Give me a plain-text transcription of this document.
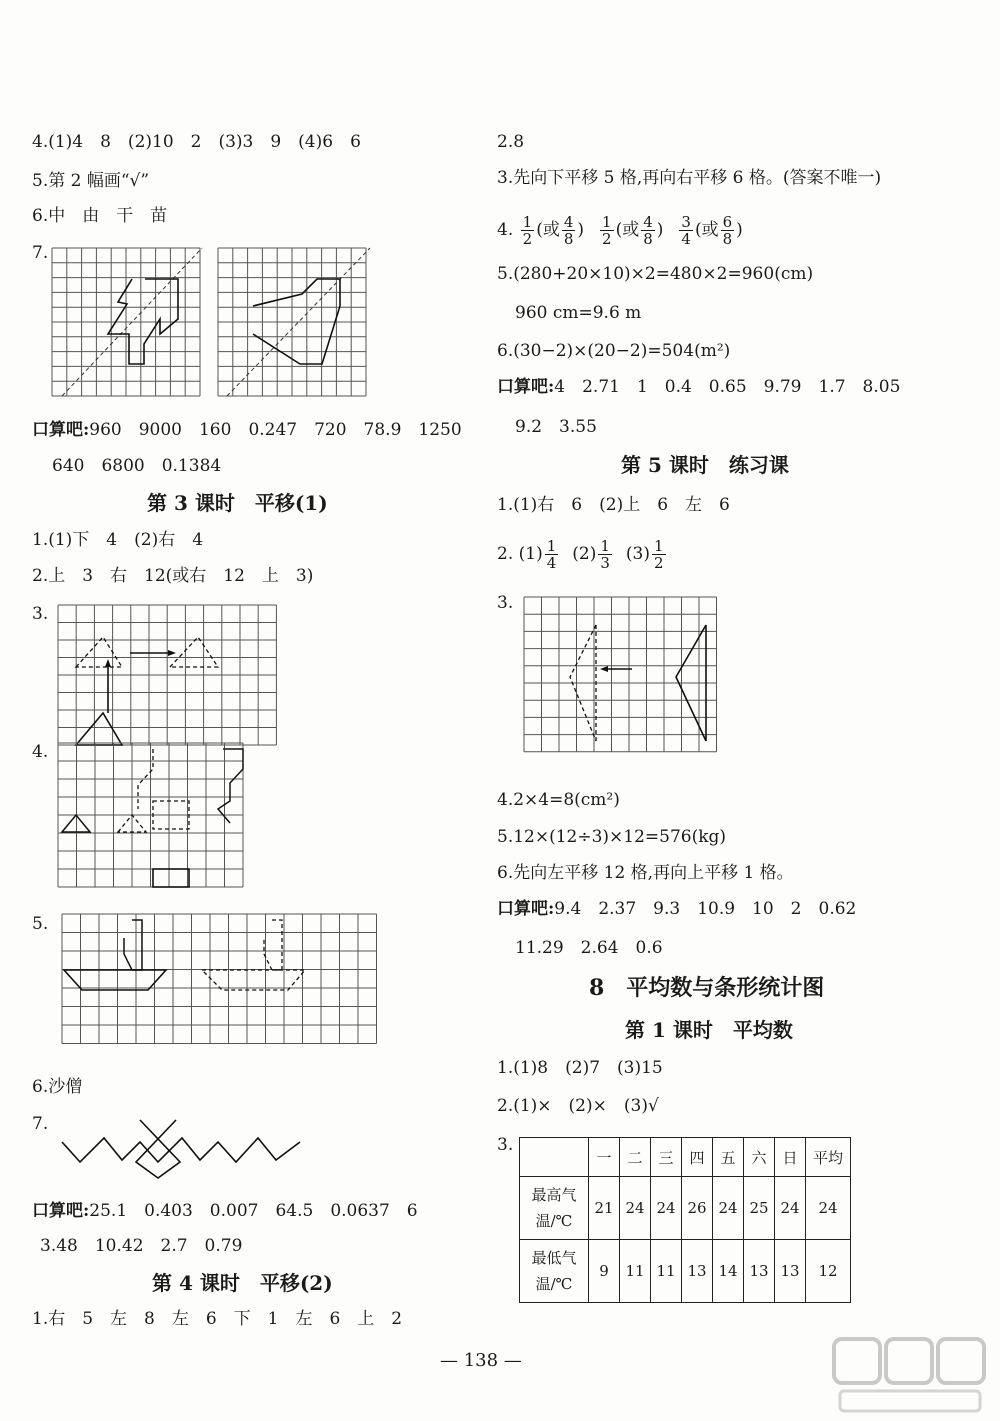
4.(1)4　8　(2)10　2　(3)3　9　(4)6　6
5.第 2 幅画“√”
6.中　由　干　苗
7.
口算吧:960　9000　160　0.247　720　78.9　1250
640　6800　0.1384
第 3 课时　平移(1)
1.(1)下　4　(2)右　4
2.上　3　右　12(或右　12　上　3)
3.
4.
5.
6.沙僧
7.
口算吧:25.1　0.403　0.007　64.5　0.0637　6
3.48　10.42　2.7　0.79
第 4 课时　平移(2)
1.右　5　左　8　左　6　下　1　左　6　上　2
2.8
3.先向下平移 5 格,再向右平移 6 格。(答案不唯一)
4. $\frac{1}{2}$ (或 $\frac{4}{8}$ ) $\frac{1}{2}$ (或 $\frac{4}{8}$ ) $\frac{3}{4}$ (或 $\frac{6}{8}$ )
5.(280+20×10)×2=480×2=960(cm)
960 cm=9.6 m
6.(30−2)×(20−2)=504(m²)
口算吧:4　2.71　1　0.4　0.65　9.79　1.7　8.05
9.2　3.55
第 5 课时　练习课
1.(1)右　6　(2)上　6　左　6
2. $(1) \frac{1}{4} (2) \frac{1}{3} (3) \frac{1}{2}$
3.
4.2×4=8(cm²)
5.12×(12÷3)×12=576(kg)
6.先向左平移 12 格,再向上平移 1 格。
口算吧:9.4　2.37　9.3　10.9　10　2　0.62
11.29　2.64　0.6
8　平均数与条形统计图
第 1 课时　平均数
1.(1)8　(2)7　(3)15
2.(1)×　(2)×　(3)√
3.
	一	二	三	四	五	六	日	平均

最高气
温/℃	21	24	24	26	24	25	24	24

最低气
温/℃	9	11	11	13	14	13	13	12
— 138 —
